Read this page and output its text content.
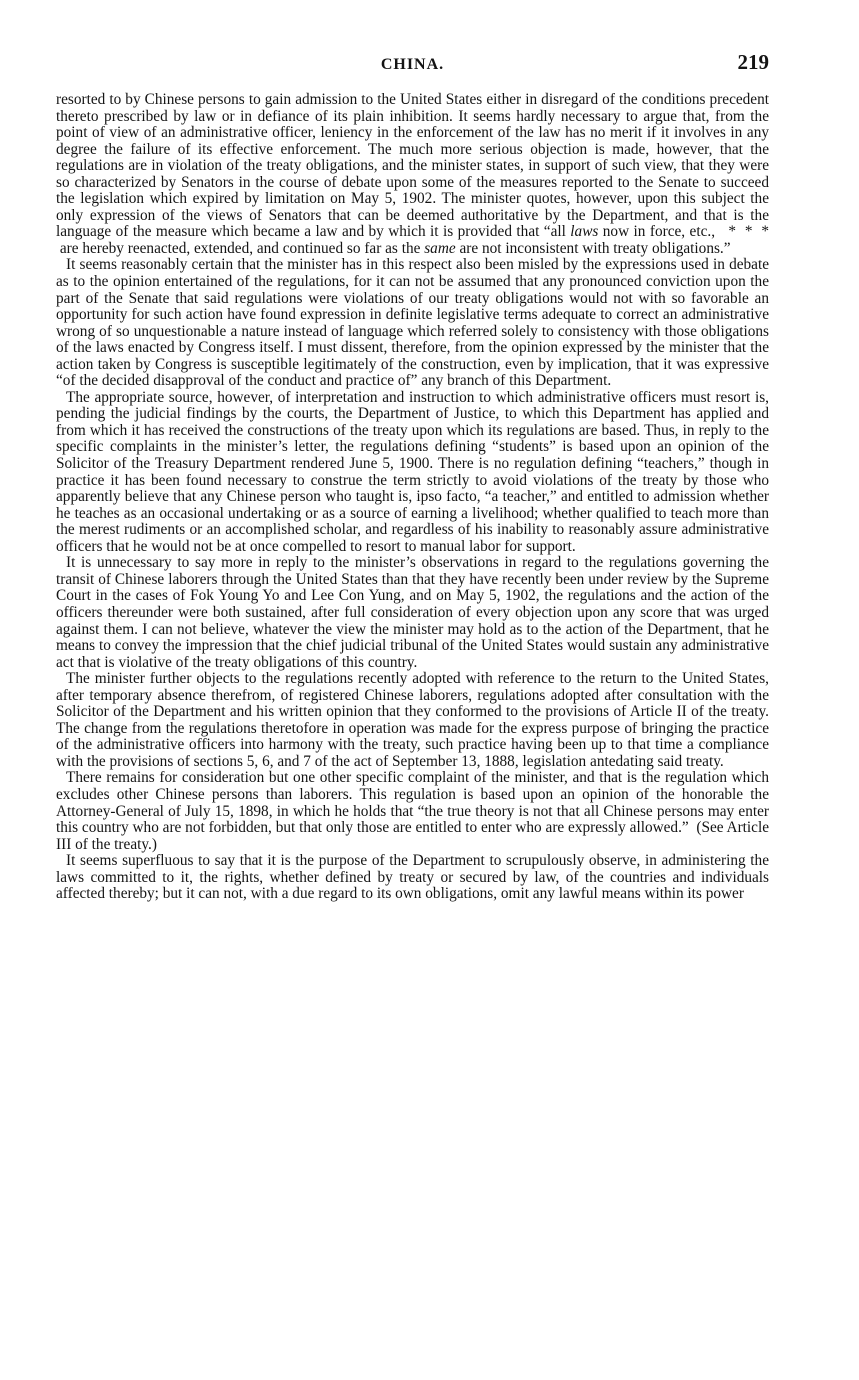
CHINA.	219

resorted to by Chinese persons to gain admission to the United States either in disregard of the conditions precedent thereto prescribed by law or in defiance of its plain inhibition. It seems hardly necessary to argue that, from the point of view of an administrative officer, leniency in the enforcement of the law has no merit if it involves in any degree the failure of its effective enforcement. The much more serious objection is made, however, that the regulations are in violation of the treaty obligations, and the minister states, in support of such view, that they were so characterized by Senators in the course of debate upon some of the measures reported to the Senate to succeed the legislation which expired by limitation on May 5, 1902. The minister quotes, however, upon this subject the only expression of the views of Senators that can be deemed authoritative by the Department, and that is the language of the measure which became a law and by which it is provided that “all laws now in force, etc.,   *  *  *  are hereby reenacted, extended, and continued so far as the same are not inconsistent with treaty obligations.”

It seems reasonably certain that the minister has in this respect also been misled by the expressions used in debate as to the opinion entertained of the regulations, for it can not be assumed that any pronounced conviction upon the part of the Senate that said regulations were violations of our treaty obligations would not with so favorable an opportunity for such action have found expression in definite legislative terms adequate to correct an administrative wrong of so unquestionable a nature instead of language which referred solely to consistency with those obligations of the laws enacted by Congress itself. I must dissent, therefore, from the opinion expressed by the minister that the action taken by Congress is susceptible legitimately of the construction, even by implication, that it was expressive “of the decided disapproval of the conduct and practice of” any branch of this Department.

The appropriate source, however, of interpretation and instruction to which administrative officers must resort is, pending the judicial findings by the courts, the Department of Justice, to which this Department has applied and from which it has received the constructions of the treaty upon which its regulations are based. Thus, in reply to the specific complaints in the minister’s letter, the regulations defining “students” is based upon an opinion of the Solicitor of the Treasury Department rendered June 5, 1900. There is no regulation defining “teachers,” though in practice it has been found necessary to construe the term strictly to avoid violations of the treaty by those who apparently believe that any Chinese person who taught is, ipso facto, “a teacher,” and entitled to admission whether he teaches as an occasional undertaking or as a source of earning a livelihood; whether qualified to teach more than the merest rudiments or an accomplished scholar, and regardless of his inability to reasonably assure administrative officers that he would not be at once compelled to resort to manual labor for support.

It is unnecessary to say more in reply to the minister’s observations in regard to the regulations governing the transit of Chinese laborers through the United States than that they have recently been under review by the Supreme Court in the cases of Fok Young Yo and Lee Con Yung, and on May 5, 1902, the regulations and the action of the officers thereunder were both sustained, after full consideration of every objection upon any score that was urged against them. I can not believe, whatever the view the minister may hold as to the action of the Department, that he means to convey the impression that the chief judicial tribunal of the United States would sustain any administrative act that is violative of the treaty obligations of this country.

The minister further objects to the regulations recently adopted with reference to the return to the United States, after temporary absence therefrom, of registered Chinese laborers, regulations adopted after consultation with the Solicitor of the Department and his written opinion that they conformed to the provisions of Article II of the treaty. The change from the regulations theretofore in operation was made for the express purpose of bringing the practice of the administrative officers into harmony with the treaty, such practice having been up to that time a compliance with the provisions of sections 5, 6, and 7 of the act of September 13, 1888, legislation antedating said treaty.

There remains for consideration but one other specific complaint of the minister, and that is the regulation which excludes other Chinese persons than laborers. This regulation is based upon an opinion of the honorable the Attorney-General of July 15, 1898, in which he holds that “the true theory is not that all Chinese persons may enter this country who are not forbidden, but that only those are entitled to enter who are expressly allowed.”  (See Article III of the treaty.)

It seems superfluous to say that it is the purpose of the Department to scrupulously observe, in administering the laws committed to it, the rights, whether defined by treaty or secured by law, of the countries and individuals affected thereby; but it can not, with a due regard to its own obligations, omit any lawful means within its power
